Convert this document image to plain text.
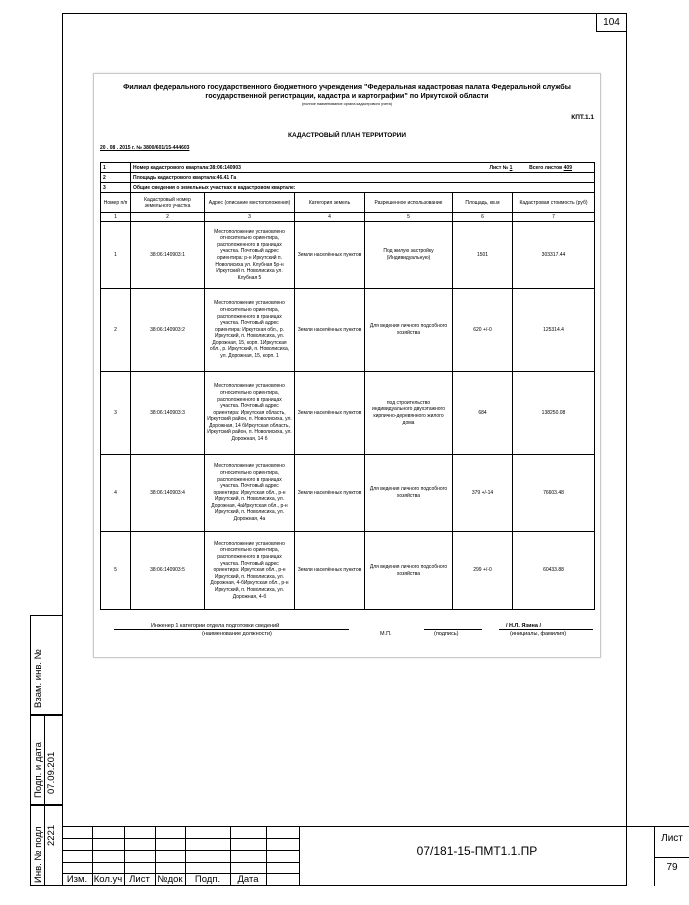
104
Взам. инв. №
Подп. и дата 07.09.201
Инв. № подл 2221
Филиал федерального государственного бюджетного учреждения "Федеральная кадастровая палата Федеральной службы
государственной регистрации, кадастра и картографии" по Иркутской области
(полное наименование органа кадастрового учета)
КПТ.1.1
КАДАСТРОВЫЙ ПЛАН ТЕРРИТОРИИ
20 . 08 . 2015 г. № 3800/601/15-444603
1	Номер кадастрового квартала:38:06:140903 Лист № 1 Всего листов 409					

2	Площадь кадастрового квартала:46.41 Га					
3	Общие сведения о земельных участках в кадастровом квартале:					
Номер п/п	Кадастровый номер земельного участка	Адрес (описание местоположения)	Категория земель	Разрешенное использование	Площадь, кв.м	Кадастровая стоимость (руб)
1	2	3	4	5	6	7
1	38:06:140903:1	Местоположение установлено относительно ориентира, расположенного в границах участка. Почтовый адрес ориентира: р-н Иркутский п. Новолисиха ул. Клубная 5р-н Иркутский п. Новолисиха ул. Клубная 5	Земли населённых пунктов	Под жилую застройку (Индивидуальную)	1501	303317.44
2	38:06:140903:2	Местоположение установлено относительно ориентира, расположенного в границах участка. Почтовый адрес ориентира: Иркутская обл., р. Иркутский, п. Новолисиха, ул. Дорожная, 15, корп. 1Иркутская обл., р. Иркутский, п. Новолисиха, ул. Дорожная, 15, корп. 1	Земли населённых пунктов	Для ведения личного подсобного хозяйства	620 +/-0	125314.4
3	38:06:140903:3	Местоположение установлено относительно ориентира, расположенного в границах участка. Почтовый адрес ориентира: Иркутская область, Иркутский район, п. Новолисиха, ул. Дорожная, 14 бИркутская область, Иркутский район, п. Новолисиха, ул. Дорожная, 14 б	Земли населённых пунктов	под строительство индивидуального двухэтажного кирпично-деревянного жилого дома	684	138250.08
4	38:06:140903:4	Местоположение установлено относительно ориентира, расположенного в границах участка. Почтовый адрес ориентира: Иркутская обл., р-н Иркутский, п. Новолисиха, ул. Дорожная, 4аИркутская обл., р-н Иркутский, п. Новолисиха, ул. Дорожная, 4а	Земли населённых пунктов	Для ведения личного подсобного хозяйства	379 +/-14	76603.48
5	38:06:140903:5	Местоположение установлено относительно ориентира, расположенного в границах участка. Почтовый адрес ориентира: Иркутская обл., р-н Иркутский, п. Новолисиха, ул. Дорожная, 4-бИркутская обл., р-н Иркутский, п. Новолисиха, ул. Дорожная, 4-б	Земли населённых пунктов	Для ведения личного подсобного хозяйства	299 +/-0	60433.88
Инженер 1 категории отдела подготовки сведений
(наименование должности)	М.П.	(подпись)
/ Н.Л. Язина /
(инициалы, фамилия)
Изм. Кол.уч Лист №док	Подп.	Дата
07/181-15-ПМТ1.1.ПР
Лист
79
